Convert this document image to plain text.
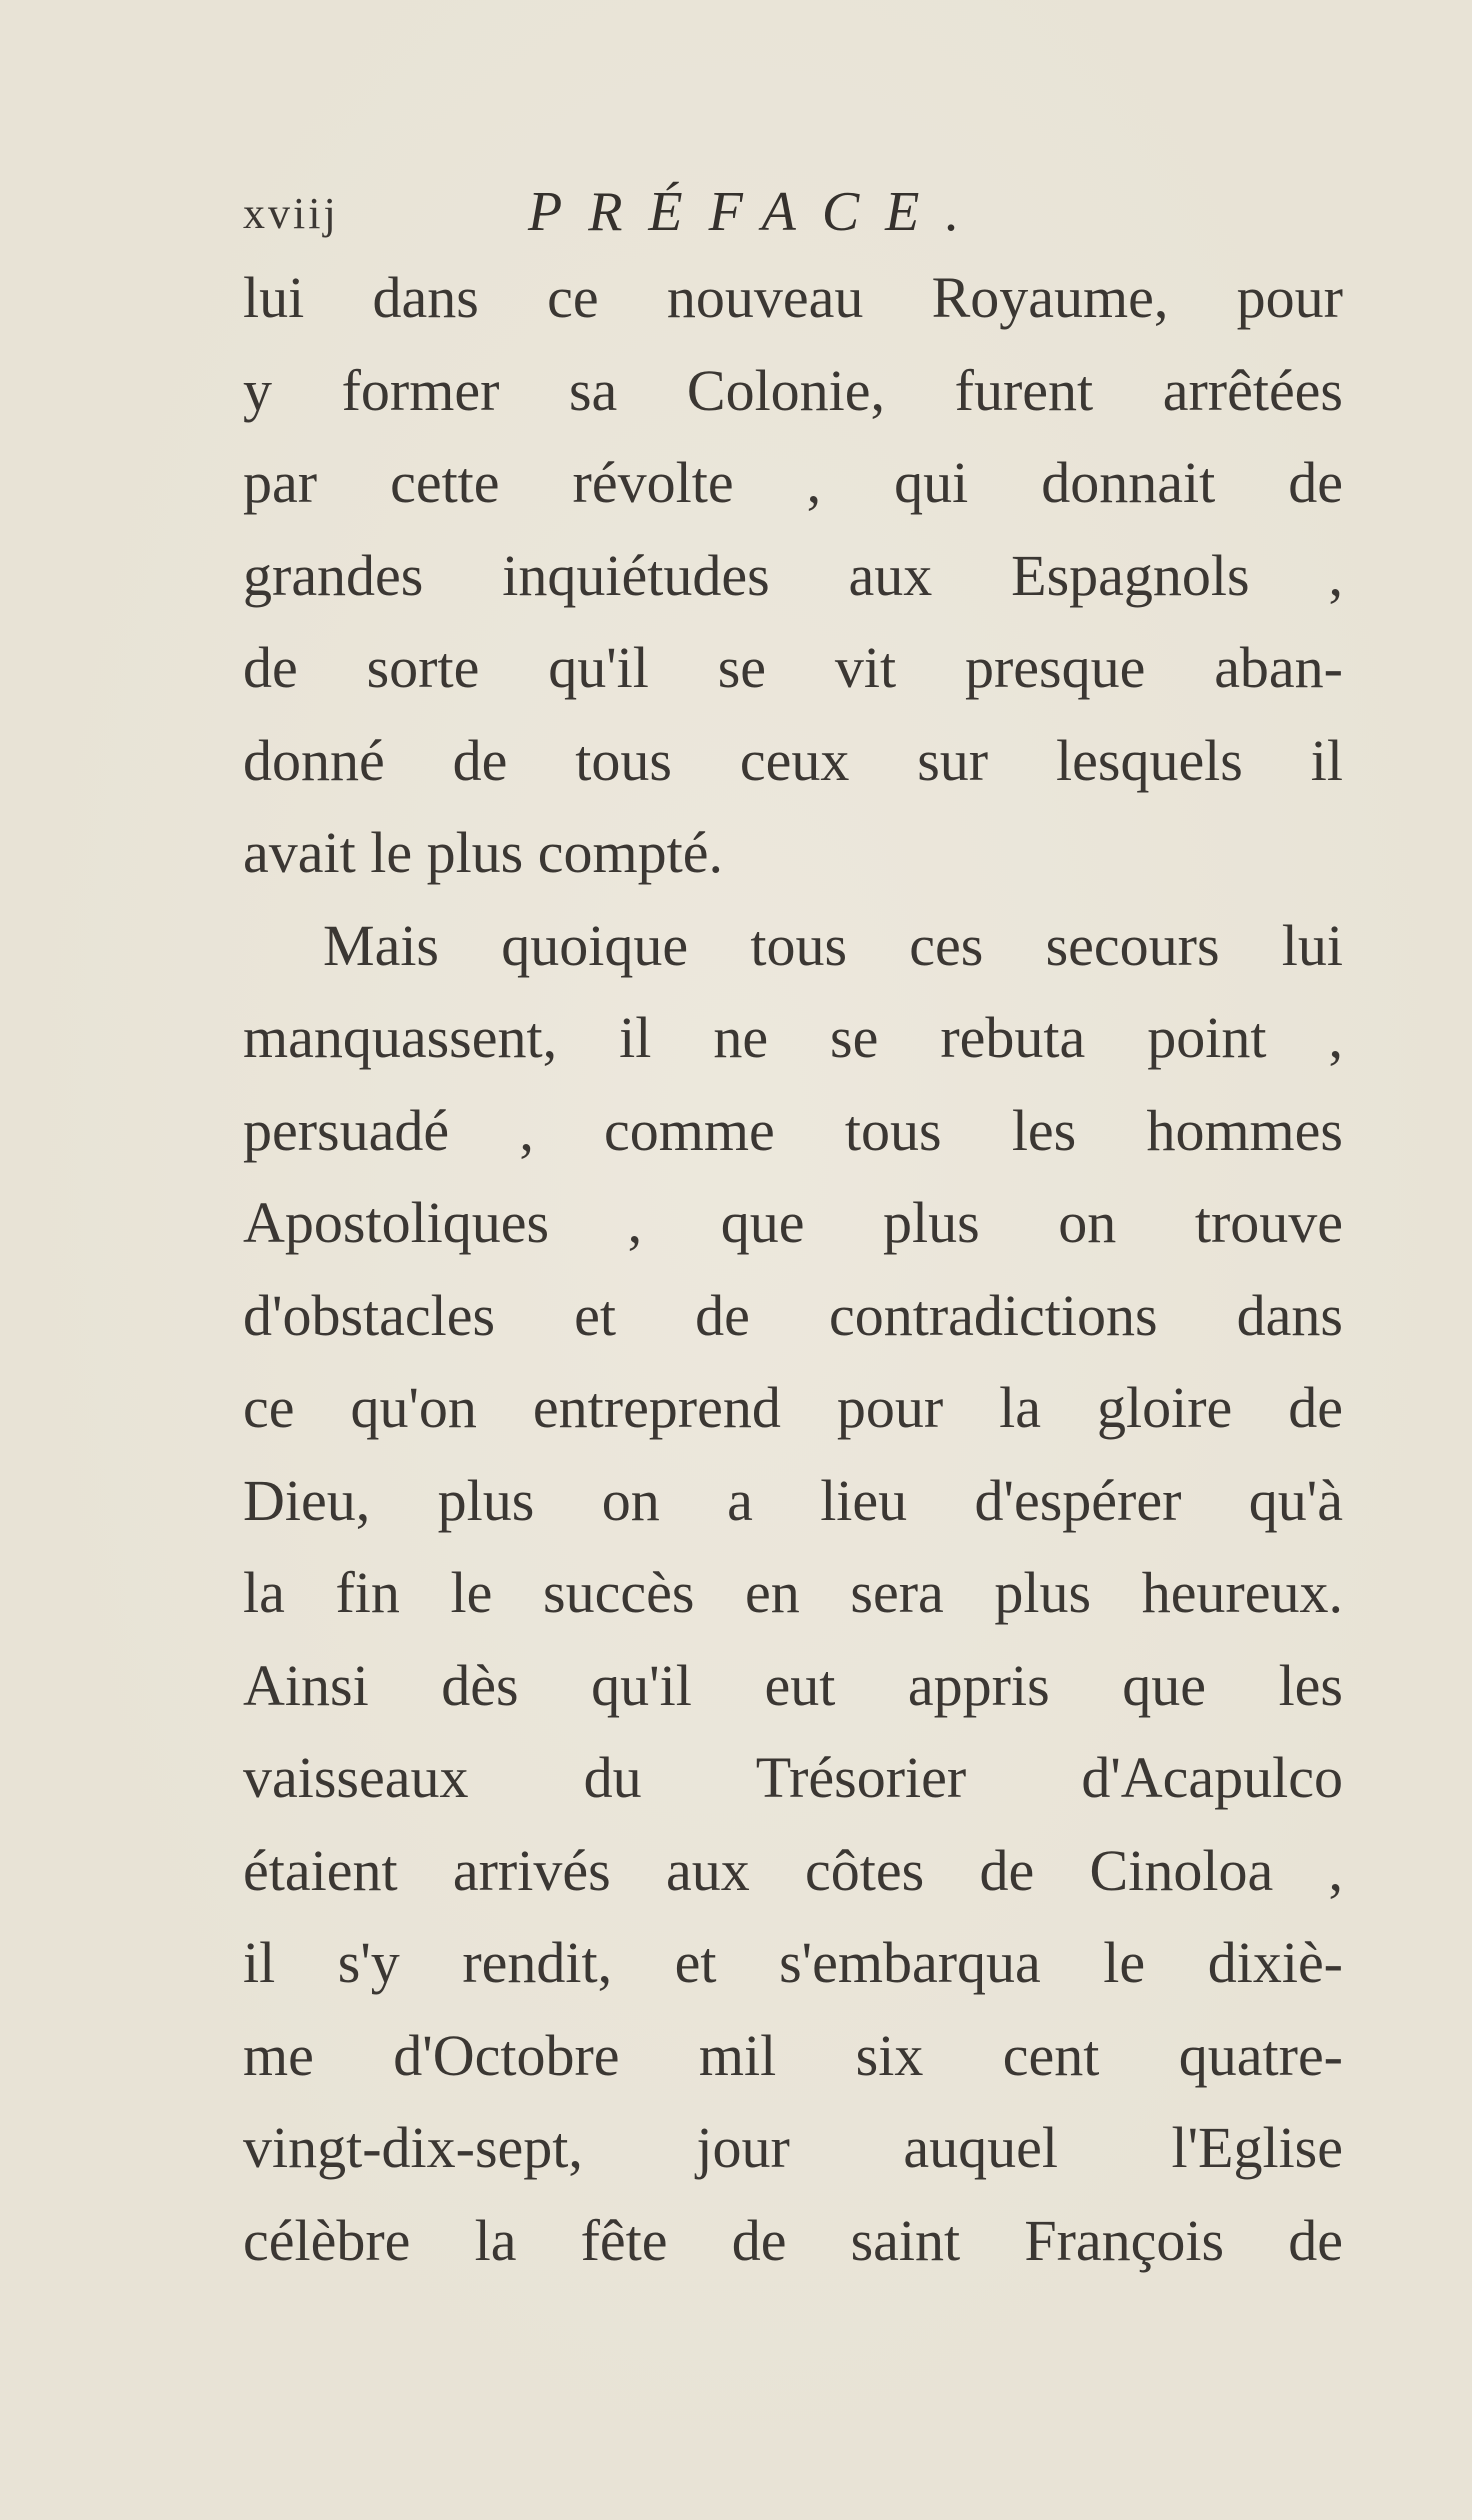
xviij	PRÉFACE.
lui dans ce nouveau Royaume, pour
y former sa Colonie, furent arrêtées
par cette révolte , qui donnait de
grandes inquiétudes aux Espagnols ,
de sorte qu'il se vit presque aban-
donné de tous ceux sur lesquels il
avait le plus compté.
Mais quoique tous ces secours lui
manquassent, il ne se rebuta point ,
persuadé , comme tous les hommes
Apostoliques , que plus on trouve
d'obstacles et de contradictions dans
ce qu'on entreprend pour la gloire de
Dieu, plus on a lieu d'espérer qu'à
la fin le succès en sera plus heureux.
Ainsi dès qu'il eut appris que les
vaisseaux du Trésorier d'Acapulco
étaient arrivés aux côtes de Cinoloa ,
il s'y rendit, et s'embarqua le dixiè-
me d'Octobre mil six cent quatre-
vingt-dix-sept, jour auquel l'Eglise
célèbre la fête de saint François de
